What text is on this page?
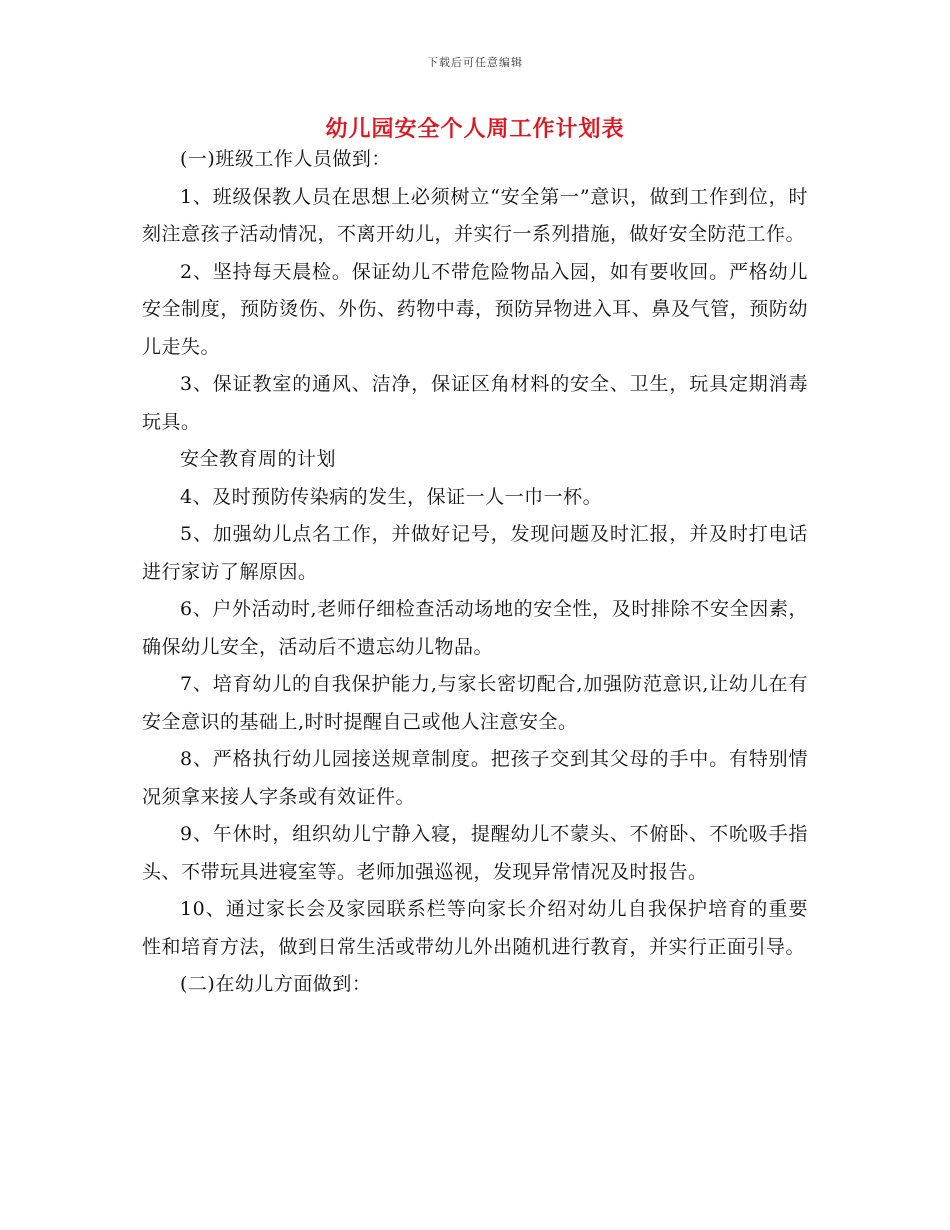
下载后可任意编辑
幼儿园安全个人周工作计划表

(一)班级工作人员做到：

1、班级保教人员在思想上必须树立“安全第一”意识，做到工作到位，时刻注意孩子活动情况，不离开幼儿，并实行一系列措施，做好安全防范工作。

2、坚持每天晨检。保证幼儿不带危险物品入园，如有要收回。严格幼儿安全制度，预防烫伤、外伤、药物中毒，预防异物进入耳、鼻及气管，预防幼儿走失。

3、保证教室的通风、洁净，保证区角材料的安全、卫生，玩具定期消毒玩具。

安全教育周的计划

4、及时预防传染病的发生，保证一人一巾一杯。

5、加强幼儿点名工作，并做好记号，发现问题及时汇报，并及时打电话进行家访了解原因。

6、户外活动时,老师仔细检查活动场地的安全性，及时排除不安全因素，确保幼儿安全，活动后不遗忘幼儿物品。

7、培育幼儿的自我保护能力,与家长密切配合,加强防范意识,让幼儿在有安全意识的基础上,时时提醒自己或他人注意安全。

8、严格执行幼儿园接送规章制度。把孩子交到其父母的手中。有特别情况须拿来接人字条或有效证件。

9、午休时，组织幼儿宁静入寝，提醒幼儿不蒙头、不俯卧、不吮吸手指头、不带玩具进寝室等。老师加强巡视，发现异常情况及时报告。

10、通过家长会及家园联系栏等向家长介绍对幼儿自我保护培育的重要性和培育方法，做到日常生活或带幼儿外出随机进行教育，并实行正面引导。

(二)在幼儿方面做到：
